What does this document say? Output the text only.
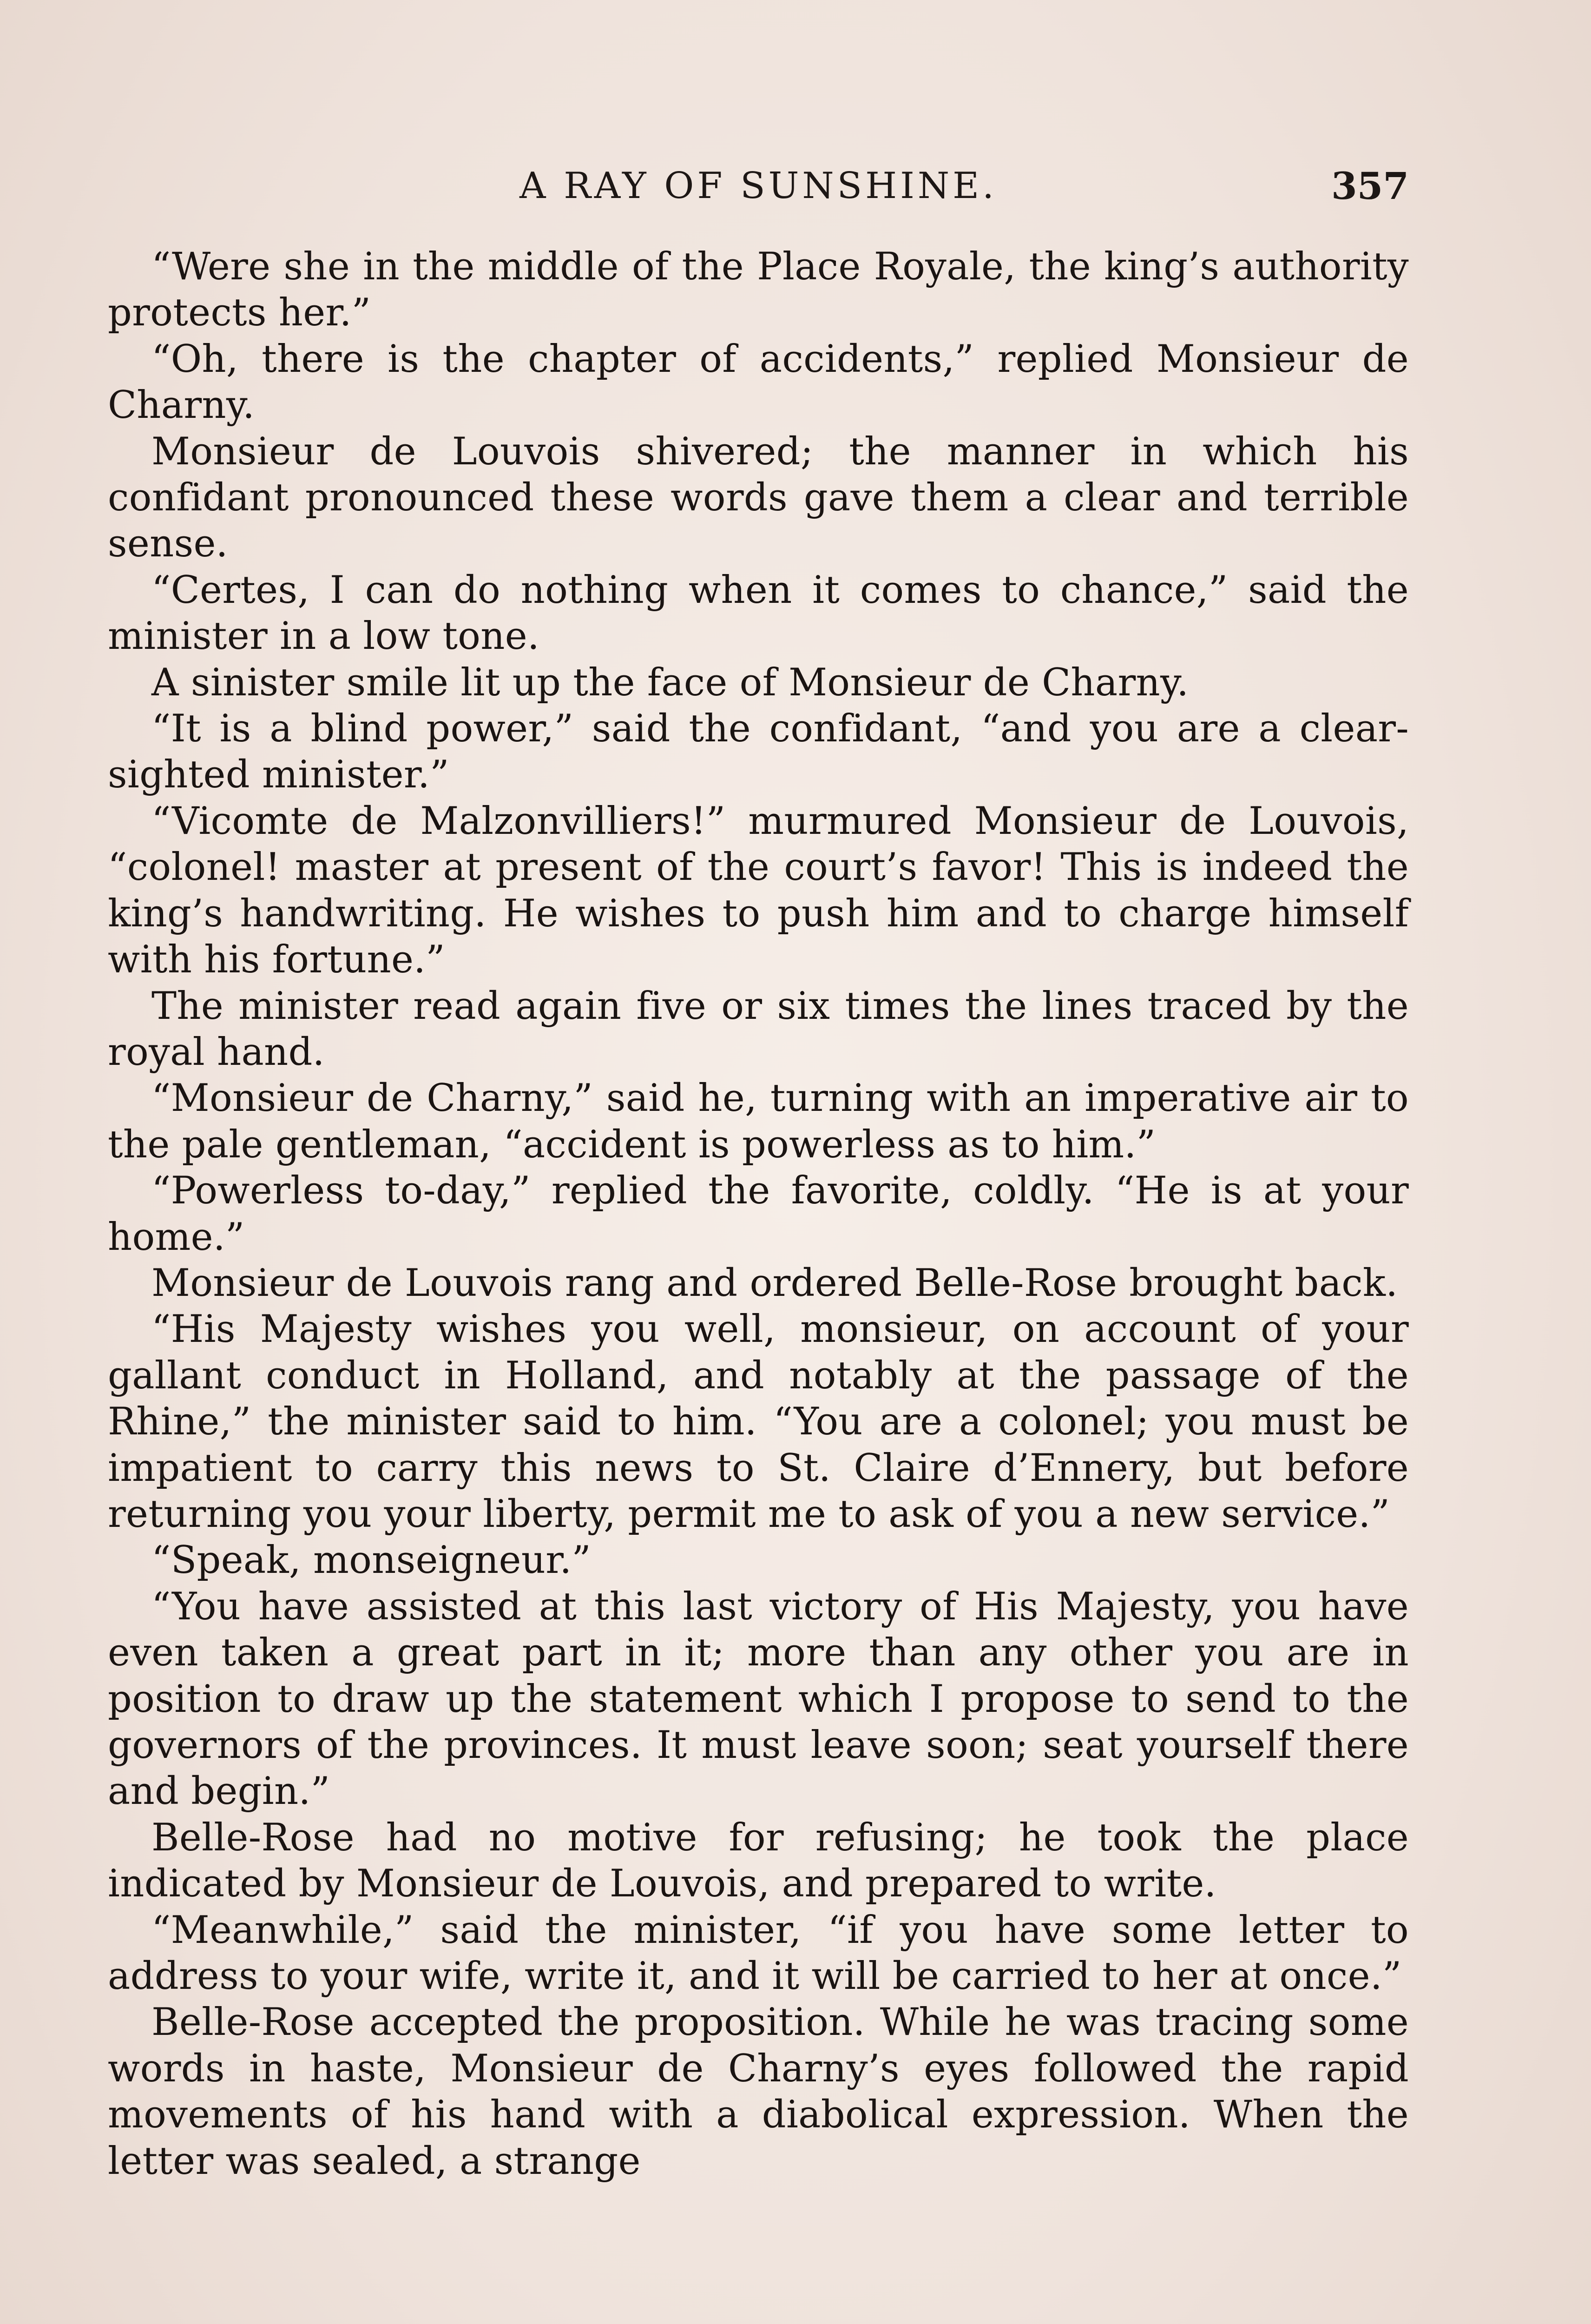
A RAY OF SUNSHINE.	357

“Were she in the middle of the Place Royale, the king’s authority protects her.”

“Oh, there is the chapter of accidents,” replied Monsieur de Charny.

Monsieur de Louvois shivered; the manner in which his confidant pronounced these words gave them a clear and terrible sense.

“Certes, I can do nothing when it comes to chance,” said the minister in a low tone.

A sinister smile lit up the face of Monsieur de Charny.

“It is a blind power,” said the confidant, “and you are a clear-sighted minister.”

“Vicomte de Malzonvilliers!” murmured Monsieur de Louvois, “colonel! master at present of the court’s favor! This is indeed the king’s handwriting. He wishes to push him and to charge himself with his fortune.”

The minister read again five or six times the lines traced by the royal hand.

“Monsieur de Charny,” said he, turning with an imperative air to the pale gentleman, “accident is powerless as to him.”

“Powerless to-day,” replied the favorite, coldly. “He is at your home.”

Monsieur de Louvois rang and ordered Belle-Rose brought back.

“His Majesty wishes you well, monsieur, on account of your gallant conduct in Holland, and notably at the passage of the Rhine,” the minister said to him. “You are a colonel; you must be impatient to carry this news to St. Claire d’Ennery, but before returning you your liberty, permit me to ask of you a new service.”

“Speak, monseigneur.”

“You have assisted at this last victory of His Majesty, you have even taken a great part in it; more than any other you are in position to draw up the statement which I propose to send to the governors of the provinces. It must leave soon; seat yourself there and begin.”

Belle-Rose had no motive for refusing; he took the place indicated by Monsieur de Louvois, and prepared to write.

“Meanwhile,” said the minister, “if you have some letter to address to your wife, write it, and it will be carried to her at once.”

Belle-Rose accepted the proposition. While he was tracing some words in haste, Monsieur de Charny’s eyes followed the rapid movements of his hand with a diabolical expression. When the letter was sealed, a strange
